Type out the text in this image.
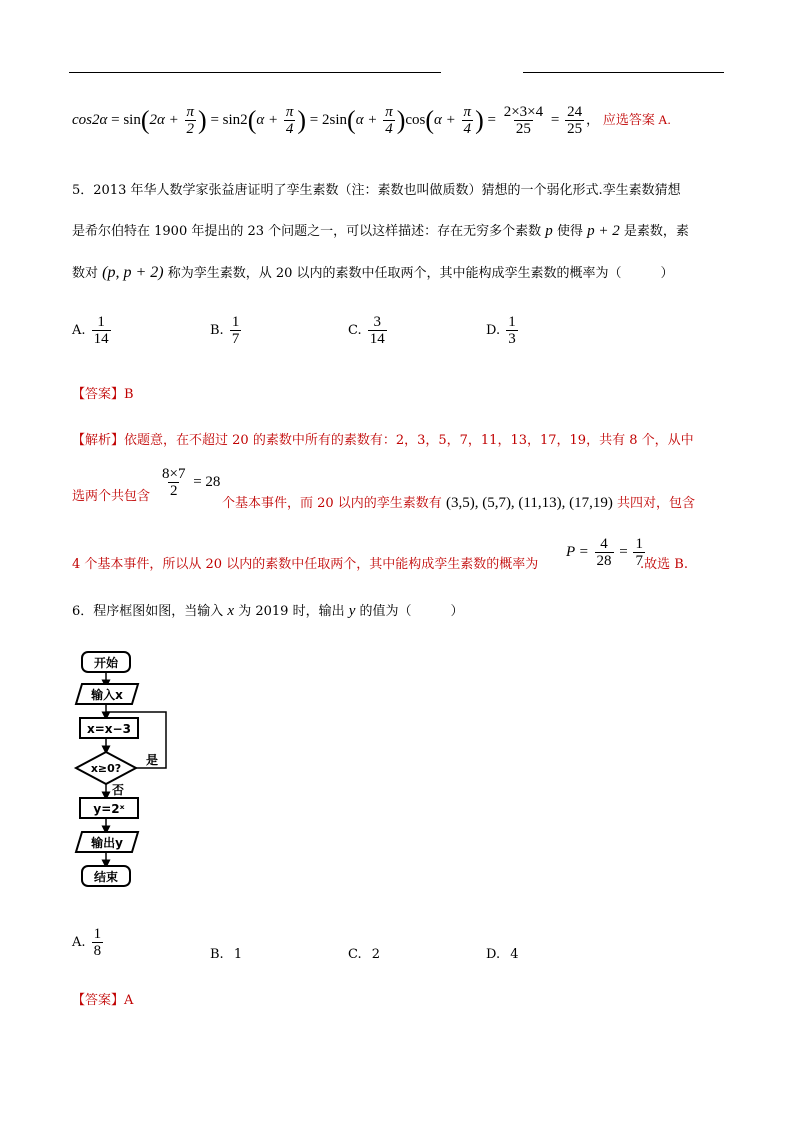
$\cos 2\alpha = \sin(2\alpha + \frac{\pi}{2}$ ) = $\sin 2(\alpha + \frac{\pi}{4}$ ) = $2\sin(\alpha + \frac{\pi}{4} )\cos(\alpha + \frac{\pi}{4}$ ) = $\frac{2\times 3\times 4}{25} = \frac{24}{25}$ ， 应选答案 A.
5．2013 年华人数学家张益唐证明了孪生素数（注：素数也叫做质数）猜想的一个弱化形式.孪生素数猜想
是希尔伯特在 1900 年提出的 23 个问题之一，可以这样描述：存在无穷多个素数 p 使得 p + 2 是素数，素
数对 (p, p + 2) 称为孪生素数，从 20 以内的素数中任取两个，其中能构成孪生素数的概率为（　　　）
A. $\frac{1}{14}$	B. $\frac{1}{7}$	C. $\frac{3}{14}$	D. $\frac{1}{3}$
【答案】B
【解析】依题意，在不超过 20 的素数中所有的素数有：2，3，5，7，11，13，17，19，共有 8 个，从中
选两个共包含 $\frac{8\times 7}{2} = 28$
个基本事件，而 20 以内的孪生素数有 (3,5), (5,7), (11,13), (17,19) 共四对，包含
4 个基本事件，所以从 20 以内的素数中任取两个，其中能构成孪生素数的概率为
$P = \frac{4}{28} = \frac{1}{7}$
.故选 B.
6．程序框图如图，当输入 x 为 2019 时，输出 y 的值为（　　　）
开始
输入x
x=x−3
x≥0?
是
否
y=2ˣ
输出y
结束
A. $\frac{1}{8}$	B. 1	C. 2	D. 4
【答案】A
